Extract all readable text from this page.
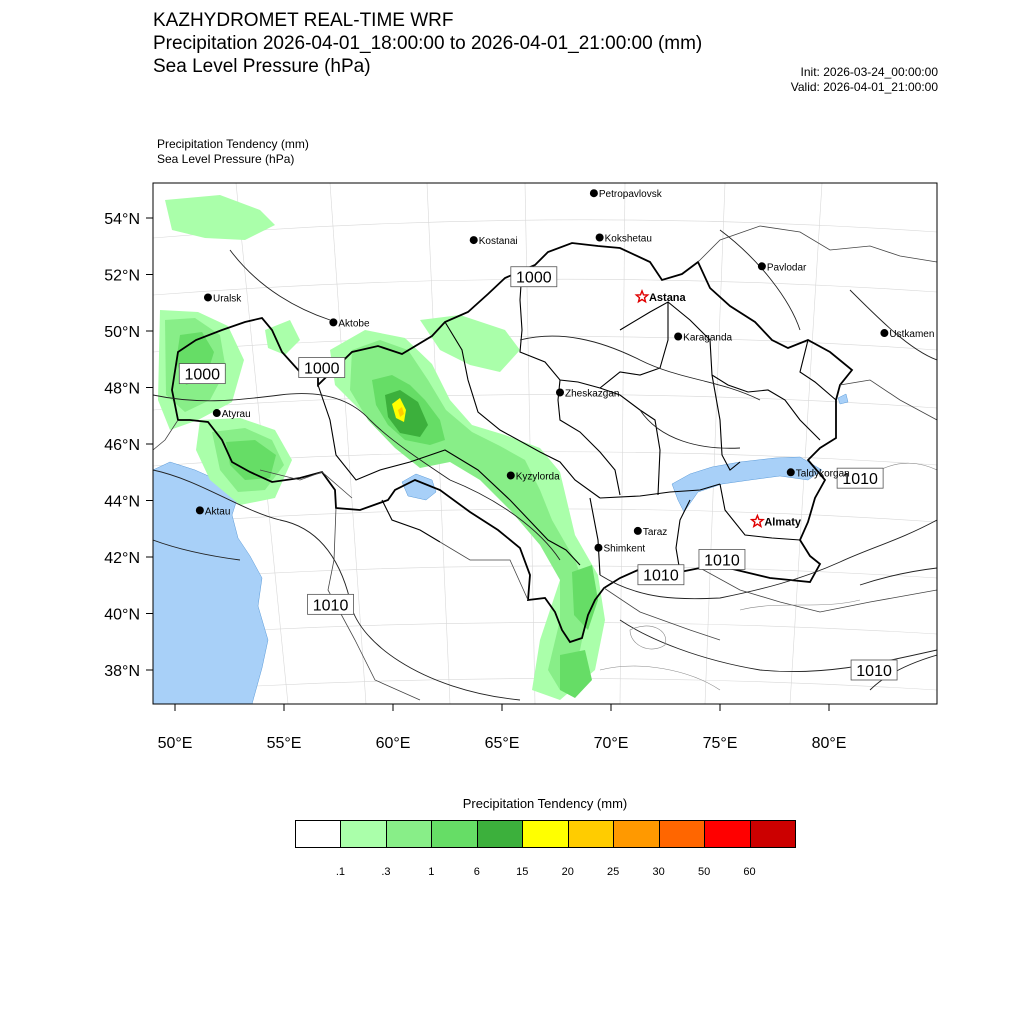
KAZHYDROMET REAL-TIME WRF
Precipitation 2026-04-01_18:00:00 to 2026-04-01_21:00:00 (mm)
Sea Level Pressure (hPa)	Init: 2026-03-24_00:00:00
Valid: 2026-04-01_21:00:00
Precipitation Tendency (mm)
Sea Level Pressure (hPa)
54°N
52°N
50°N
48°N
46°N
44°N
42°N
40°N
38°N
50°E	55°E	60°E	65°E	70°E	75°E	80°E
1000	1000
1000
1010
1010
1010
1010
1010
Petropavlovsk
Kostanai	Kokshetau
Uralsk
Pavlodar
Astana
Ustkamen
Aktobe
Karaganda
Atyrau
Zheskazgan
Taldykorgan
Aktau
Kyzylorda
Almaty
Taraz
Shimkent
Precipitation Tendency (mm)
.1	.3	1	6	15	20	25	30	50	60
